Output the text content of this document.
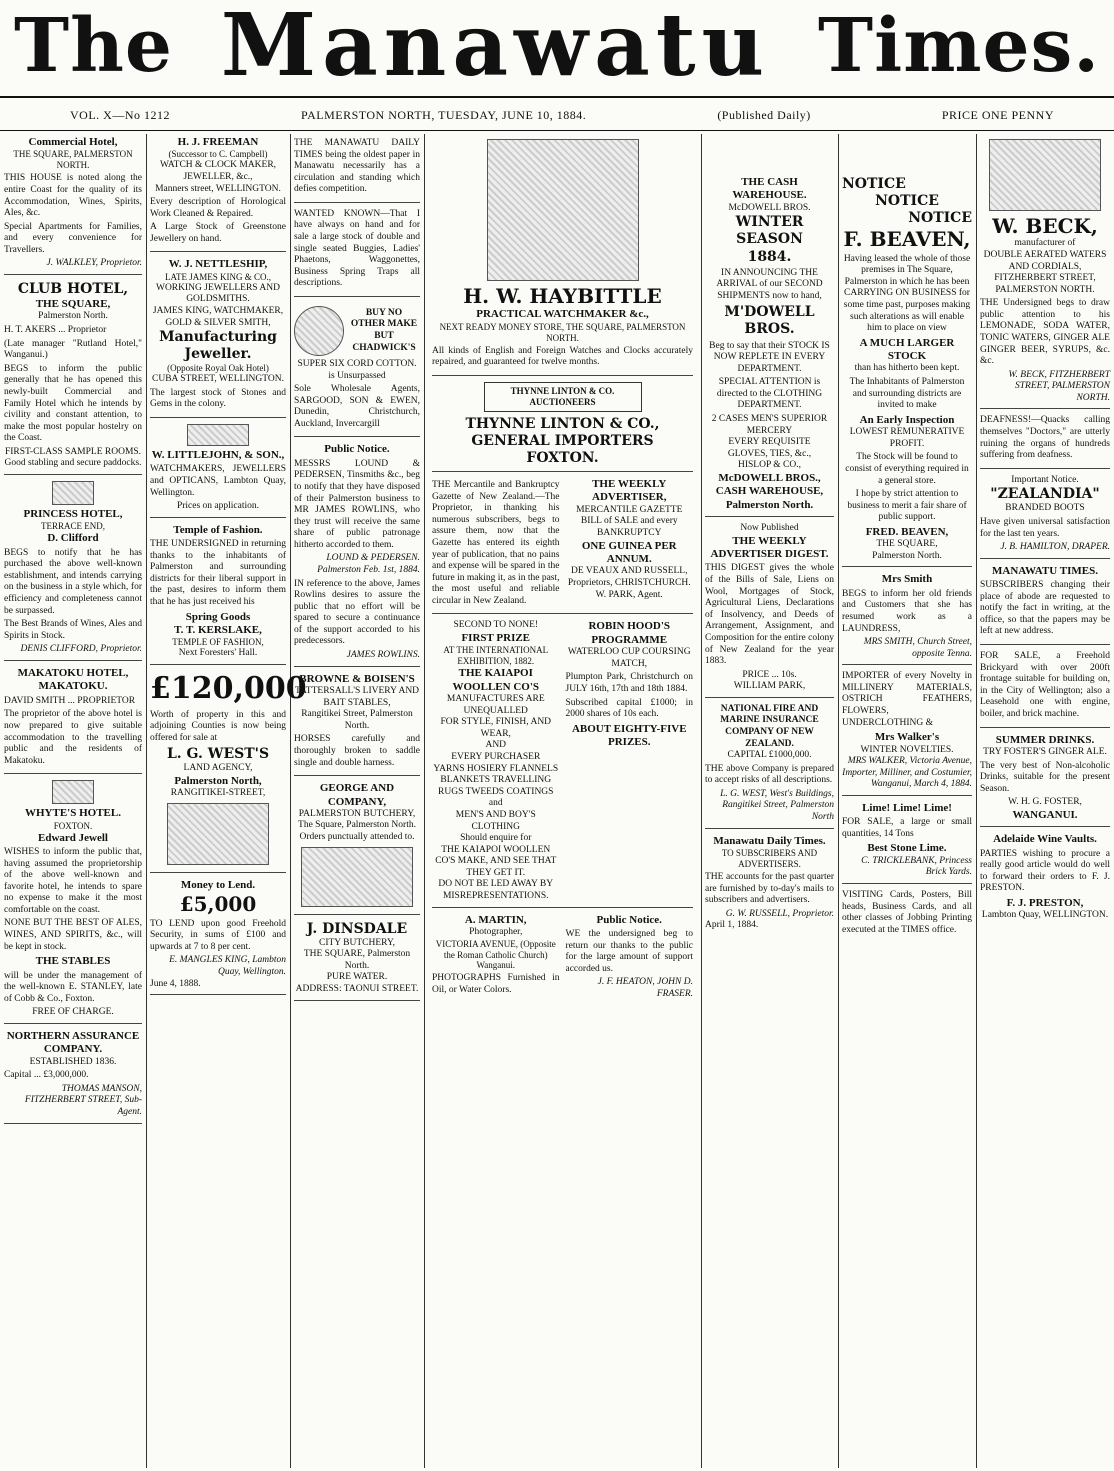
The Manawatu Times.
VOL. X—No 1212	PALMERSTON NORTH, TUESDAY, JUNE 10, 1884.	(Published Daily)	PRICE ONE PENNY
Commercial Hotel,
THE SQUARE, PALMERSTON NORTH.

THIS HOUSE is noted along the entire Coast for the quality of its Accommodation, Wines, Spirits, Ales, &c.

Special Apartments for Families, and every convenience for Travellers.

J. WALKLEY, Proprietor.
CLUB HOTEL,
THE SQUARE,
Palmerston North.

H. T. AKERS ... Proprietor

(Late manager "Rutland Hotel," Wanganui.)

BEGS to inform the public generally that he has opened this newly-built Commercial and Family Hotel which he intends by civility and constant attention, to make the most popular hostelry on the Coast.

FIRST-CLASS SAMPLE ROOMS.
Good stabling and secure paddocks.
PRINCESS HOTEL,
TERRACE END,
D. Clifford

BEGS to notify that he has purchased the above well-known establishment, and intends carrying on the business in a style which, for efficiency and completeness cannot be surpassed.

The Best Brands of Wines, Ales and Spirits in Stock.

DENIS CLIFFORD, Proprietor.
MAKATOKU HOTEL, MAKATOKU.

DAVID SMITH ... PROPRIETOR

The proprietor of the above hotel is now prepared to give suitable accommodation to the travelling public and the residents of Makatoku.

WHYTE'S HOTEL.
FOXTON.
Edward Jewell

WISHES to inform the public that, having assumed the proprietorship of the above well-known and favorite hotel, he intends to spare no expense to make it the most comfortable on the coast.

NONE BUT THE BEST OF ALES, WINES, AND SPIRITS, &c., will be kept in stock.

THE STABLES

will be under the management of the well-known E. STANLEY, late of Cobb & Co., Foxton.

FREE OF CHARGE.
NORTHERN ASSURANCE COMPANY.
ESTABLISHED 1836.

Capital ... £3,000,000.

THOMAS MANSON, FITZHERBERT STREET, Sub-Agent.
H. J. FREEMAN
(Successor to C. Campbell)
WATCH & CLOCK MAKER, JEWELLER, &c.,
Manners street, WELLINGTON.

Every description of Horological Work Cleaned & Repaired.

A Large Stock of Greenstone Jewellery on hand.

W. J. NETTLESHIP,
LATE JAMES KING & CO.,
WORKING JEWELLERS AND GOLDSMITHS.
JAMES KING, WATCHMAKER, GOLD & SILVER SMITH,
Manufacturing Jeweller.
(Opposite Royal Oak Hotel)
CUBA STREET, WELLINGTON.

The largest stock of Stones and Gems in the colony.

W. LITTLEJOHN, & SON.,

WATCHMAKERS, JEWELLERS and OPTICANS, Lambton Quay, Wellington.

Prices on application.
Temple of Fashion.

THE UNDERSIGNED in returning thanks to the inhabitants of Palmerston and surrounding districts for their liberal support in the past, desires to inform them that he has just received his

Spring Goods
T. T. KERSLAKE,
TEMPLE OF FASHION,
Next Foresters' Hall.
£120,000

Worth of property in this and adjoining Counties is now being offered for sale at

L. G. WEST'S
LAND AGENCY,
Palmerston North,
RANGITIKEI-STREET,
Money to Lend.
£5,000

TO LEND upon good Freehold Security, in sums of £100 and upwards at 7 to 8 per cent.

E. MANGLES KING, Lambton Quay, Wellington.
June 4, 1888.

THE MANAWATU DAILY TIMES being the oldest paper in Manawatu necessarily has a circulation and standing which defies competition.

WANTED KNOWN—That I have always on hand and for sale a large stock of double and single seated Buggies, Ladies' Phaetons, Waggonettes, Business Spring Traps all descriptions.

BUY NO OTHER MAKE BUT CHADWICK'S
SUPER SIX CORD COTTON.
is Unsurpassed

Sole Wholesale Agents, SARGOOD, SON & EWEN, Dunedin, Christchurch, Auckland, Invercargill

Public Notice.

MESSRS LOUND & PEDERSEN, Tinsmiths &c., beg to notify that they have disposed of their Palmerston business to MR JAMES ROWLINS, who they trust will receive the same share of public patronage hitherto accorded to them.

LOUND & PEDERSEN. Palmerston Feb. 1st, 1884.

IN reference to the above, James Rowlins desires to assure the public that no effort will be spared to secure a continuance of the support accorded to his predecessors.

JAMES ROWLINS.
BROWNE & BOISEN'S
TATTERSALL'S LIVERY AND BAIT STABLES,
Rangitikei Street, Palmerston North.

HORSES carefully and thoroughly broken to saddle single and double harness.

GEORGE AND COMPANY,
PALMERSTON BUTCHERY,
The Square, Palmerston North.
Orders punctually attended to.
J. DINSDALE
CITY BUTCHERY,
THE SQUARE, Palmerston North.
PURE WATER.
ADDRESS: TAONUI STREET.
H. W. HAYBITTLE
PRACTICAL WATCHMAKER &c.,
NEXT READY MONEY STORE, THE SQUARE, PALMERSTON NORTH.

All kinds of English and Foreign Watches and Clocks accurately repaired, and guaranteed for twelve months.

THYNNE LINTON & CO. AUCTIONEERS
THYNNE LINTON & CO.,
GENERAL IMPORTERS
FOXTON.

THE Mercantile and Bankruptcy Gazette of New Zealand.—The Proprietor, in thanking his numerous subscribers, begs to assure them, now that the Gazette has entered its eighth year of publication, that no pains and expense will be spared in the future in making it, as in the past, the most useful and reliable circular in New Zealand.

THE WEEKLY ADVERTISER,
MERCANTILE GAZETTE
BILL of SALE and every BANKRUPTCY
ONE GUINEA PER ANNUM.
DE VEAUX AND RUSSELL, Proprietors, CHRISTCHURCH.
W. PARK, Agent.
SECOND TO NONE!
FIRST PRIZE
AT THE INTERNATIONAL EXHIBITION, 1882.
THE KAIAPOI WOOLLEN CO'S
MANUFACTURES ARE UNEQUALLED
FOR STYLE, FINISH, AND WEAR,
AND
EVERY PURCHASER
YARNS HOSIERY FLANNELS BLANKETS TRAVELLING RUGS TWEEDS COATINGS
and
MEN'S AND BOY'S CLOTHING
Should enquire for
THE KAIAPOI WOOLLEN CO'S MAKE, AND SEE THAT THEY GET IT.
DO NOT BE LED AWAY BY MISREPRESENTATIONS.
ROBIN HOOD'S PROGRAMME
WATERLOO CUP COURSING MATCH,

Plumpton Park, Christchurch on JULY 16th, 17th and 18th 1884.

Subscribed capital £1000; in 2000 shares of 10s each.

ABOUT EIGHTY-FIVE PRIZES.
A. MARTIN,
Photographer,
VICTORIA AVENUE, (Opposite the Roman Catholic Church) Wanganui.

PHOTOGRAPHS Furnished in Oil, or Water Colors.

Public Notice.

WE the undersigned beg to return our thanks to the public for the large amount of support accorded us.

J. F. HEATON, JOHN D. FRASER.
THE CASH WAREHOUSE.
McDOWELL BROS.
WINTER SEASON
1884.

IN ANNOUNCING THE ARRIVAL of our SECOND SHIPMENTS now to hand,

M'DOWELL BROS.

Beg to say that their STOCK IS NOW REPLETE IN EVERY DEPARTMENT.

SPECIAL ATTENTION is directed to the CLOTHING DEPARTMENT.

2 CASES MEN'S SUPERIOR MERCERY
EVERY REQUISITE
GLOVES, TIES, &c.,
HISLOP & CO.,
McDOWELL BROS., CASH WAREHOUSE, Palmerston North.
Now Published
THE WEEKLY ADVERTISER DIGEST.

THIS DIGEST gives the whole of the Bills of Sale, Liens on Wool, Mortgages of Stock, Agricultural Liens, Declarations of Insolvency, and Deeds of Arrangement, Assignment, and Composition for the entire colony of New Zealand for the year 1883.

PRICE ... 10s.
WILLIAM PARK,
NATIONAL FIRE AND MARINE INSURANCE COMPANY OF NEW ZEALAND.
CAPITAL £1000,000.

THE above Company is prepared to accept risks of all descriptions.

L. G. WEST, West's Buildings, Rangitikei Street, Palmerston North
Manawatu Daily Times.
TO SUBSCRIBERS AND ADVERTISERS.

THE accounts for the past quarter are furnished by to-day's mails to subscribers and advertisers.

G. W. RUSSELL, Proprietor.
April 1, 1884.
NOTICE
NOTICE
NOTICE
F. BEAVEN,

Having leased the whole of those premises in The Square, Palmerston in which he has been CARRYING ON BUSINESS for some time past, purposes making such alterations as will enable him to place on view

A MUCH LARGER STOCK
than has hitherto been kept.

The Inhabitants of Palmerston and surrounding districts are invited to make

An Early Inspection
LOWEST REMUNERATIVE PROFIT.

The Stock will be found to consist of everything required in a general store.

I hope by strict attention to business to merit a fair share of public support.

FRED. BEAVEN,
THE SQUARE,
Palmerston North.
Mrs Smith

BEGS to inform her old friends and Customers that she has resumed work as a LAUNDRESS,

MRS SMITH, Church Street, opposite Tenna.

IMPORTER of every Novelty in MILLINERY MATERIALS, OSTRICH FEATHERS, FLOWERS, UNDERCLOTHING &

Mrs Walker's
WINTER NOVELTIES.
MRS WALKER, Victoria Avenue, Importer, Milliner, and Costumier, Wanganui, March 4, 1884.
Lime! Lime! Lime!

FOR SALE, a large or small quantities, 14 Tons

Best Stone Lime.
C. TRICKLEBANK, Princess Brick Yards.

VISITING Cards, Posters, Bill heads, Business Cards, and all other classes of Jobbing Printing executed at the TIMES office.

W. BECK,
manufacturer of
DOUBLE AERATED WATERS AND CORDIALS,
FITZHERBERT STREET, PALMERSTON NORTH.

THE Undersigned begs to draw public attention to his LEMONADE, SODA WATER, TONIC WATERS, GINGER ALE GINGER BEER, SYRUPS, &c. &c.

W. BECK, FITZHERBERT STREET, PALMERSTON NORTH.

DEAFNESS!—Quacks calling themselves "Doctors," are utterly ruining the organs of hundreds suffering from deafness.

Important Notice.
"ZEALANDIA"
BRANDED BOOTS

Have given universal satisfaction for the last ten years.

J. B. HAMILTON, DRAPER.
MANAWATU TIMES.

SUBSCRIBERS changing their place of abode are requested to notify the fact in writing, at the office, so that the papers may be left at new address.

FOR SALE, a Freehold Brickyard with over 200ft frontage suitable for building on, in the City of Wellington; also a Leasehold one with engine, boiler, and brick machine.

SUMMER DRINKS.
TRY FOSTER'S GINGER ALE.

The very best of Non-alcoholic Drinks, suitable for the present Season.

W. H. G. FOSTER,
WANGANUI.
Adelaide Wine Vaults.

PARTIES wishing to procure a really good article would do well to forward their orders to F. J. PRESTON.

F. J. PRESTON,
Lambton Quay, WELLINGTON.
